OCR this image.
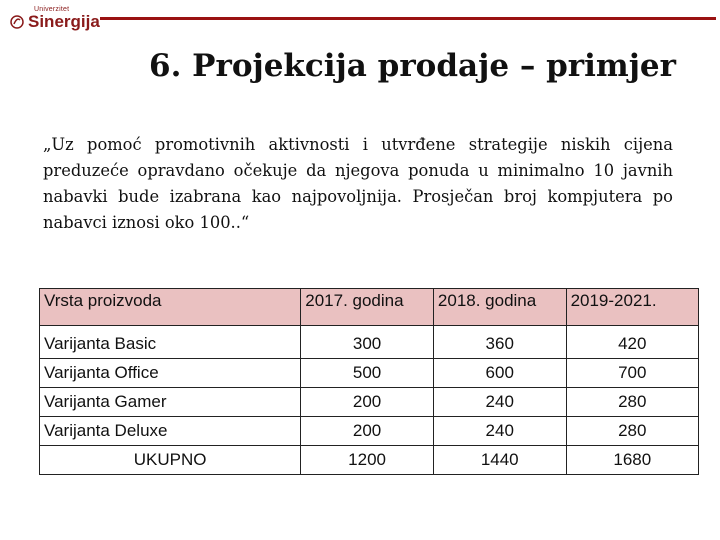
Univerzitet
Sinergija
6. Projekcija prodaje – primjer
„Uz pomoć promotivnih aktivnosti i utvrđene strategije niskih cijena preduzeće opravdano očekuje da njegova ponuda u minimalno 10 javnih nabavki bude izabrana kao najpovoljnija. Prosječan broj kompjutera po nabavci iznosi oko 100..“
Vrsta proizvoda	2017. godina	2018. godina	2019-2021.
Varijanta Basic	300	360	420
Varijanta Office	500	600	700
Varijanta Gamer	200	240	280
Varijanta Deluxe	200	240	280
UKUPNO	1200	1440	1680
